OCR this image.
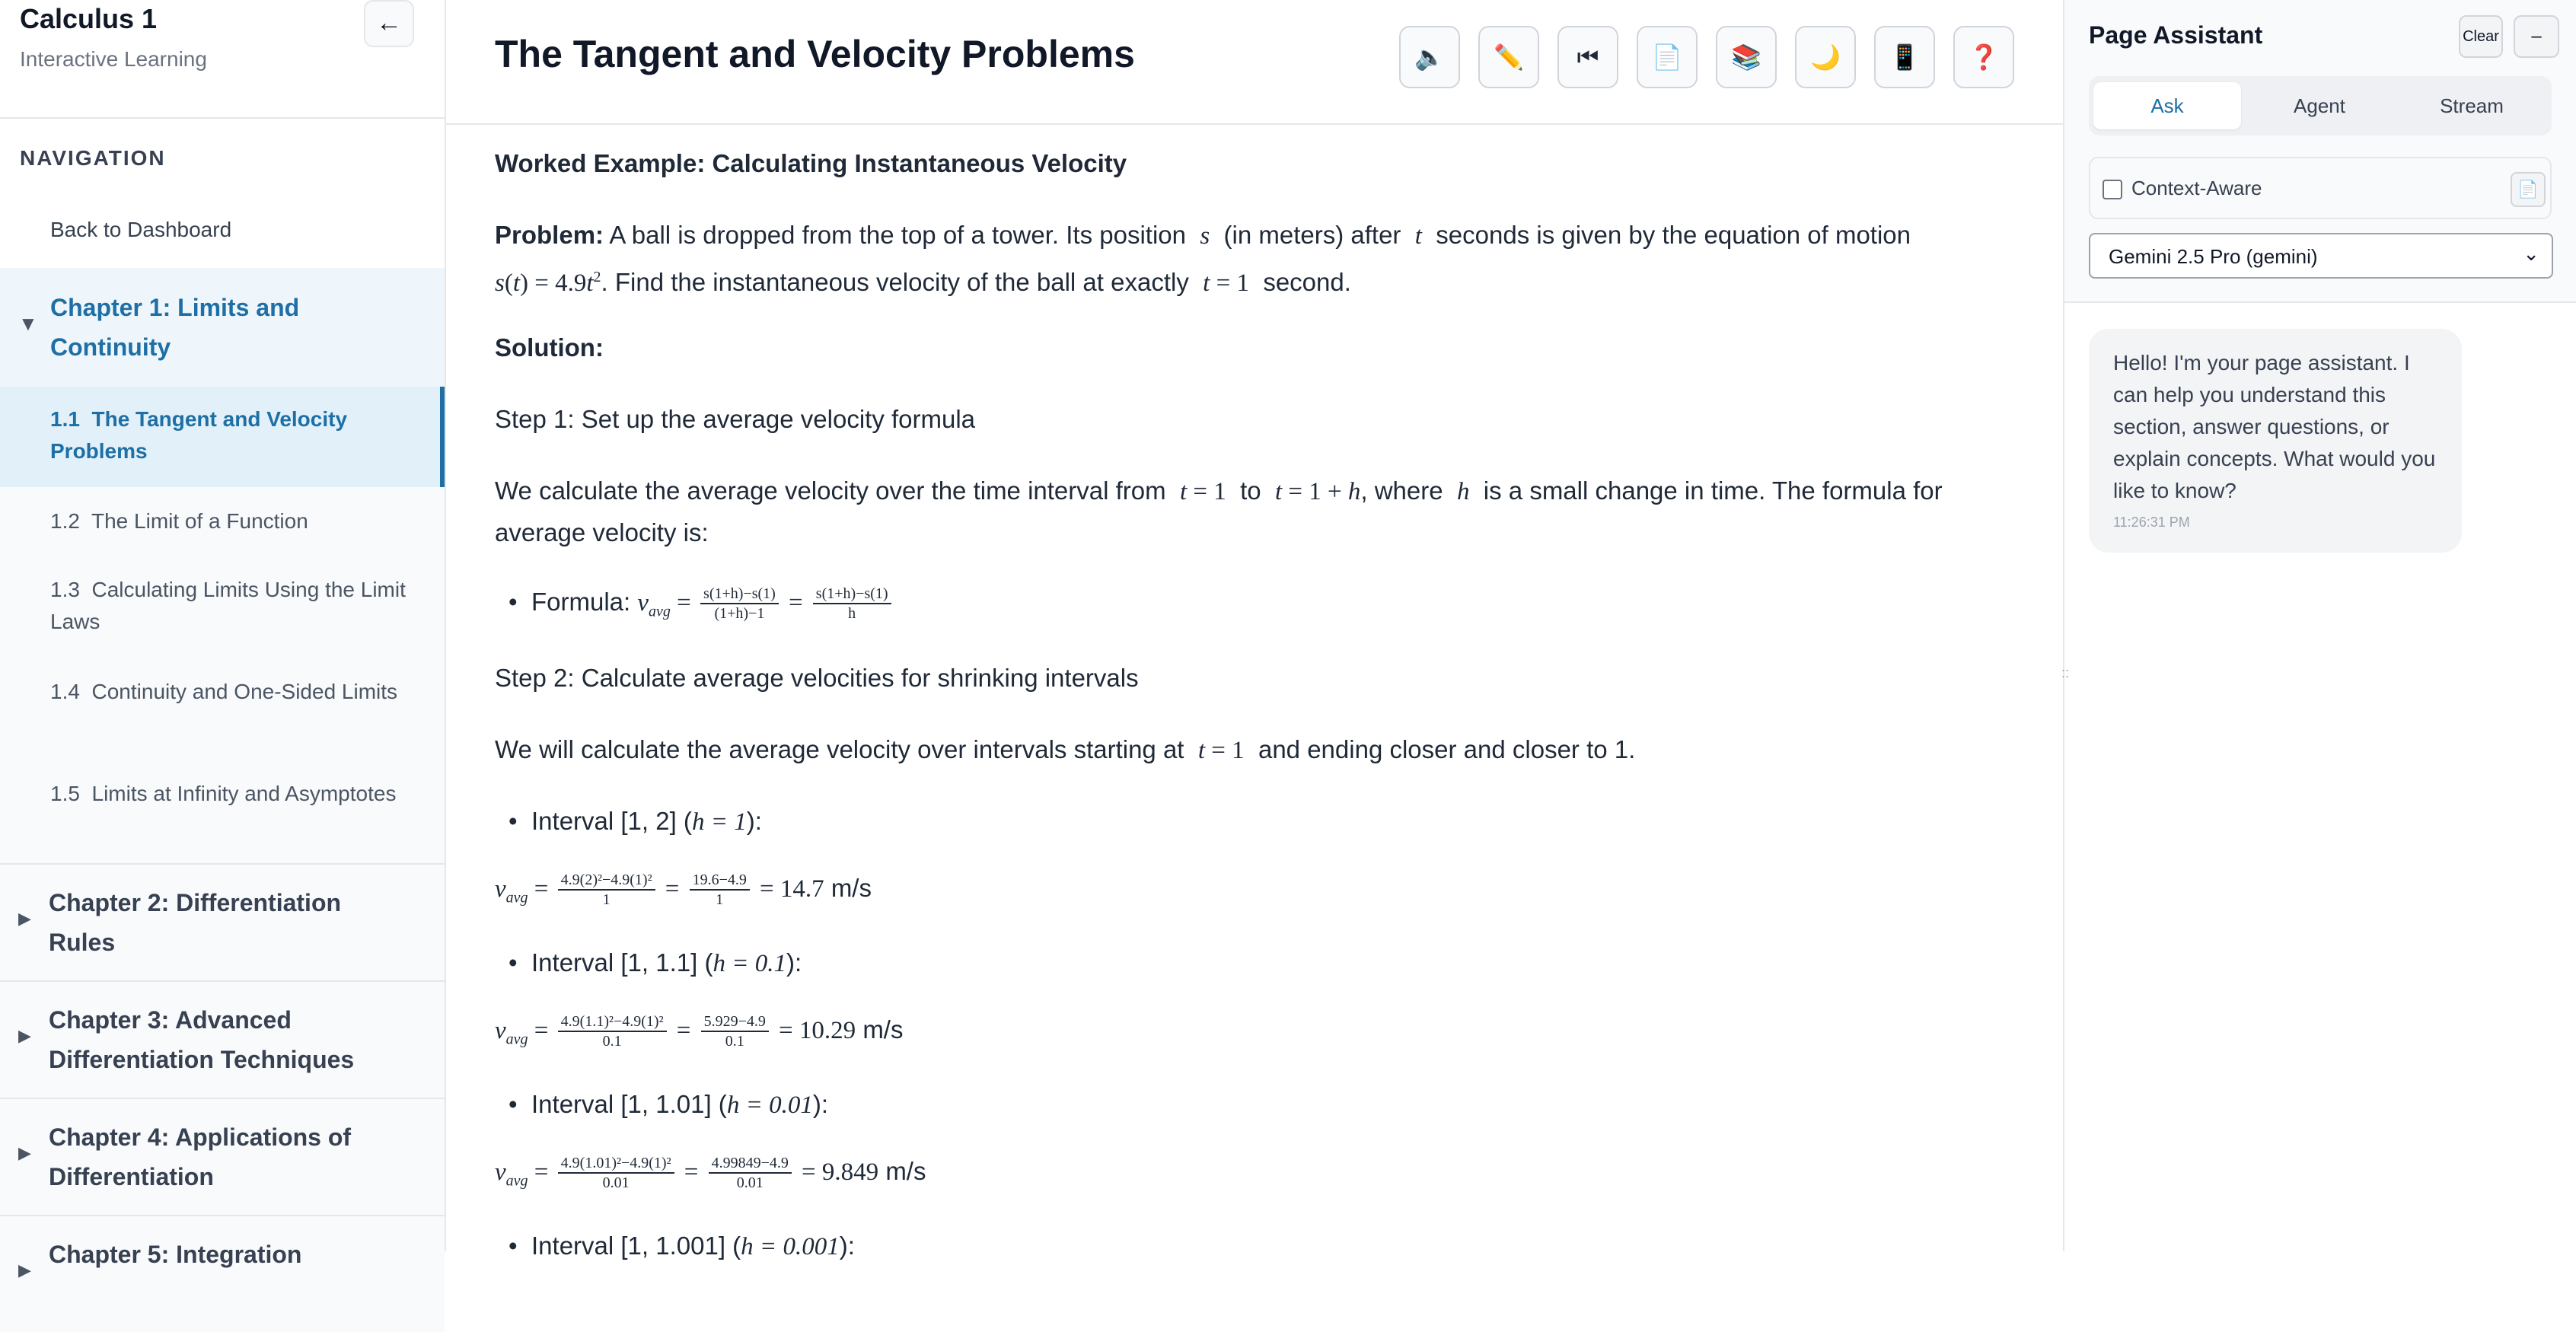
Calculus 1
Interactive Learning
←
NAVIGATION
Back to Dashboard
▼
Chapter 1: Limits and Continuity
1.1 The Tangent and Velocity Problems
1.2 The Limit of a Function
1.3 Calculating Limits Using the Limit Laws
1.4 Continuity and One-Sided Limits
1.5 Limits at Infinity and Asymptotes
▶
Chapter 2: Differentiation Rules
▶
Chapter 3: Advanced Differentiation Techniques
▶
Chapter 4: Applications of Differentiation
▶
Chapter 5: Integration
The Tangent and Velocity Problems	🔈	✏️	⏮	📄	📚	🌙	📱	❓
Worked Example: Calculating Instantaneous Velocity
Problem: A ball is dropped from the top of a tower. Its position s (in meters) after t seconds is given by the equation of motion
$s(t) = 4.9t^2$. Find the instantaneous velocity of the ball at exactly t = 1 second.
Solution:
Step 1: Set up the average velocity formula
We calculate the average velocity over the time interval from t = 1 to t = 1 + h, where h is a small change in time. The formula for
average velocity is:
• Formula: $v_{avg} = \frac{s(1+h)-s(1)}{(1+h)-1} = \frac{s(1+h)-s(1)}{h}$
Step 2: Calculate average velocities for shrinking intervals
We will calculate the average velocity over intervals starting at t = 1 and ending closer and closer to 1.
• Interval [1, 2] (h = 1):
$v_{avg} = \frac{\text{4.9(2)²−4.9(1)²}}{1} = \frac{19.6-4.9}{1} = 14.7$ m/s
• Interval [1, 1.1] (h = 0.1):
$v_{avg} = \frac{\text{4.9(1.1)²−4.9(1)²}}{0.1} = \frac{5.929-4.9}{0.1} = 10.29$ m/s
• Interval [1, 1.01] (h = 0.01):
$v_{avg} = \frac{\text{4.9(1.01)²−4.9(1)²}}{0.01} = \frac{4.99849-4.9}{0.01} = 9.849$ m/s
• Interval [1, 1.001] (h = 0.001):
::
Page Assistant	Clear	–
Ask	Agent	Stream
Context-Aware	📄
Gemini 2.5 Pro (gemini)	⌄
Hello! I'm your page assistant. I can help you understand this section, answer questions, or explain concepts. What would you like to know?
11:26:31 PM
